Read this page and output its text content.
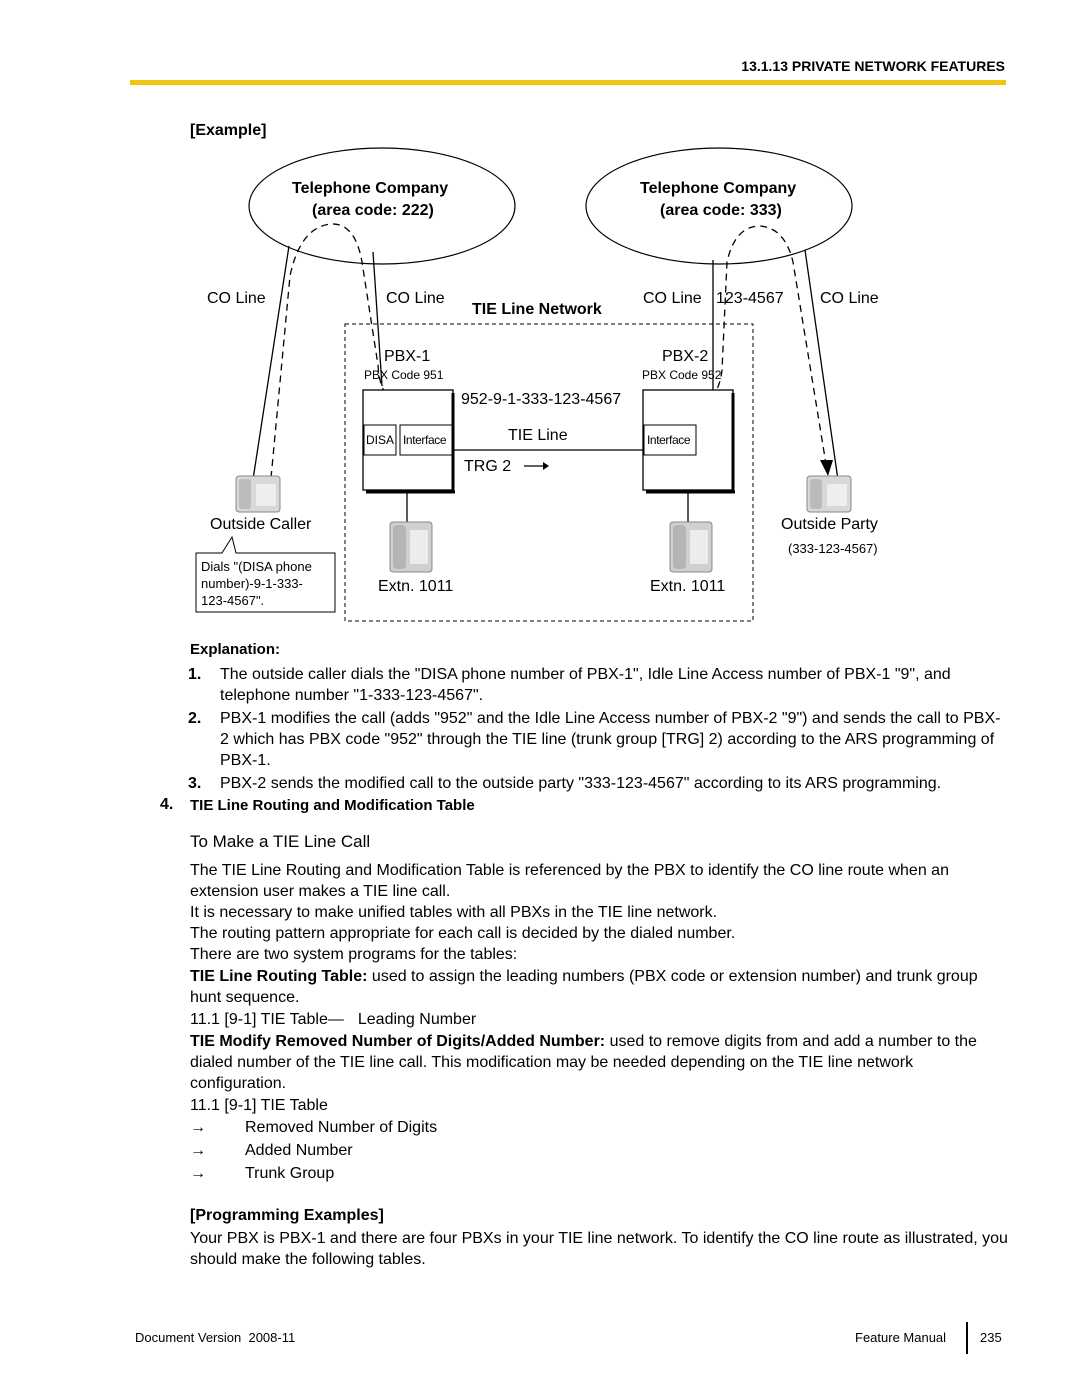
13.1.13 PRIVATE NETWORK FEATURES
[Example]
Telephone Company
(area code: 222)
Telephone Company
(area code: 333)
CO Line	CO Line
TIE Line Network
CO Line 123-4567 CO Line
PBX-1
PBX Code 951
PBX-2
PBX Code 952
952-9-1-333-123-4567
DISA Interface	TIE Line	Interface
TRG 2
Outside Caller	Outside Party
(333-123-4567)
Dials "(DISA phone
number)-9-1-333-
123-4567".
Extn. 1011	Extn. 1011
Explanation:
1. The outside caller dials the "DISA phone number of PBX-1", Idle Line Access number of PBX-1 "9", and telephone number "1-333-123-4567".
2. PBX-1 modifies the call (adds "952" and the Idle Line Access number of PBX-2 "9") and sends the call to PBX-2 which has PBX code "952" through the TIE line (trunk group [TRG] 2) according to the ARS programming of PBX-1.
3. PBX-2 sends the modified call to the outside party "333-123-4567" according to its ARS programming.
4. TIE Line Routing and Modification Table
To Make a TIE Line Call
The TIE Line Routing and Modification Table is referenced by the PBX to identify the CO line route when an extension user makes a TIE line call.
It is necessary to make unified tables with all PBXs in the TIE line network.
The routing pattern appropriate for each call is decided by the dialed number.
There are two system programs for the tables:
TIE Line Routing Table: used to assign the leading numbers (PBX code or extension number) and trunk group hunt sequence.
11.1 [9-1] TIE Table— Leading Number
TIE Modify Removed Number of Digits/Added Number: used to remove digits from and add a number to the dialed number of the TIE line call. This modification may be needed depending on the TIE line network configuration.
11.1 [9-1] TIE Table
→ Removed Number of Digits
→ Added Number
→ Trunk Group
[Programming Examples]
Your PBX is PBX-1 and there are four PBXs in your TIE line network. To identify the CO line route as illustrated, you should make the following tables.
Document Version 2008-11	Feature Manual	235
